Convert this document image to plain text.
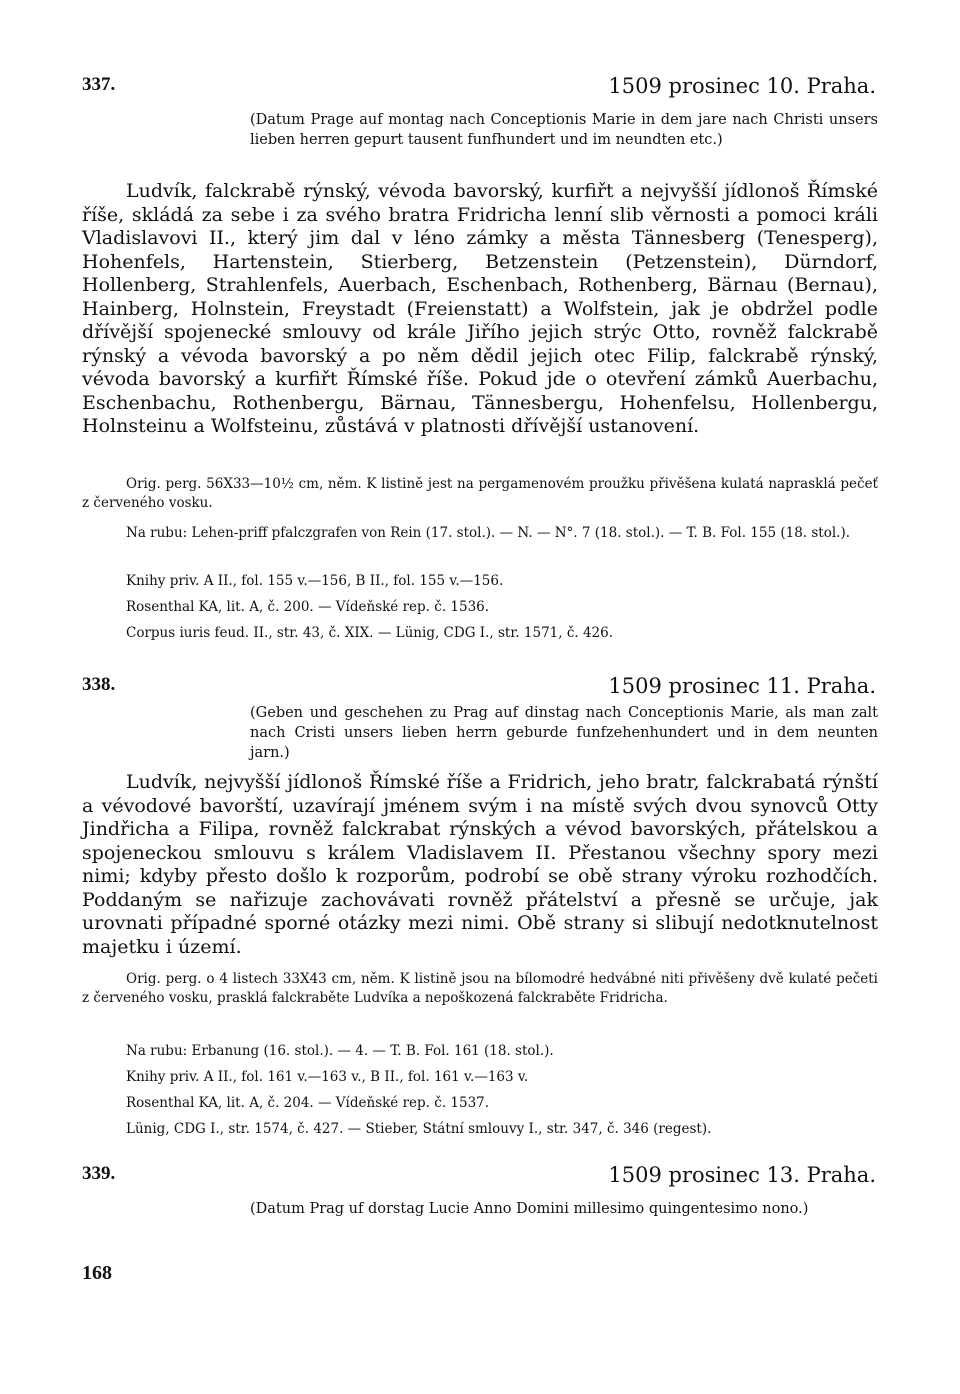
337.	1509 prosinec 10. Praha.
(Datum Prage auf montag nach Conceptionis Marie in dem jare nach Christi unsers lieben herren gepurt tausent funfhundert und im neundten etc.)

Ludvík, falckrabě rýnský, vévoda bavorský, kurfiřt a nejvyšší jídlonoš Římské říše, skládá za sebe i za svého bratra Fridricha lenní slib věrnosti a pomoci králi Vladislavovi II., který jim dal v léno zámky a města Tännesberg (Tenesperg), Hohenfels, Hartenstein, Stierberg, Betzenstein (Petzenstein), Dürndorf, Hollenberg, Strahlenfels, Auerbach, Eschenbach, Rothenberg, Bärnau (Bernau), Hainberg, Holnstein, Freystadt (Freienstatt) a Wolfstein, jak je obdržel podle dřívější spojenecké smlouvy od krále Jiřího jejich strýc Otto, rovněž falckrabě rýnský a vévoda bavorský a po něm dědil jejich otec Filip, falckrabě rýnský, vévoda bavorský a kurfiřt Římské říše. Pokud jde o otevření zámků Auerbachu, Eschenbachu, Rothenbergu, Bärnau, Tännesbergu, Hohenfelsu, Hollenbergu, Holnsteinu a Wolfsteinu, zůstává v platnosti dřívější ustanovení.

Orig. perg. 56X33—10½ cm, něm. K listině jest na pergamenovém proužku přivěšena kulatá naprasklá pečeť z červeného vosku.

Na rubu: Lehen-priff pfalczgrafen von Rein (17. stol.). — N. — N°. 7 (18. stol.). — T. B. Fol. 155 (18. stol.).
Knihy priv. A II., fol. 155 v.—156, B II., fol. 155 v.—156.
Rosenthal KA, lit. A, č. 200. — Vídeňské rep. č. 1536.
Corpus iuris feud. II., str. 43, č. XIX. — Lünig, CDG I., str. 1571, č. 426.
338.	1509 prosinec 11. Praha.
(Geben und geschehen zu Prag auf dinstag nach Conceptionis Marie, als man zalt nach Cristi unsers lieben herrn geburde funfzehenhundert und in dem neunten jarn.)

Ludvík, nejvyšší jídlonoš Římské říše a Fridrich, jeho bratr, falckrabatá rýnští a vévodové bavorští, uzavírají jménem svým i na místě svých dvou synovců Otty Jindřicha a Filipa, rovněž falckrabat rýnských a vévod bavorských, přátelskou a spojeneckou smlouvu s králem Vladislavem II. Přestanou všechny spory mezi nimi; kdyby přesto došlo k rozporům, podrobí se obě strany výroku rozhodčích. Poddaným se nařizuje zachovávati rovněž přátelství a přesně se určuje, jak urovnati případné sporné otázky mezi nimi. Obě strany si slibují nedotknutelnost majetku i území.

Orig. perg. o 4 listech 33X43 cm, něm. K listině jsou na bílomodré hedvábné niti přivěšeny dvě kulaté pečeti z červeného vosku, prasklá falckraběte Ludvíka a nepoškozená falckraběte Fridricha.

Na rubu: Erbanung (16. stol.). — 4. — T. B. Fol. 161 (18. stol.).
Knihy priv. A II., fol. 161 v.—163 v., B II., fol. 161 v.—163 v.
Rosenthal KA, lit. A, č. 204. — Vídeňské rep. č. 1537.
Lünig, CDG I., str. 1574, č. 427. — Stieber, Státní smlouvy I., str. 347, č. 346 (regest).
339.	1509 prosinec 13. Praha.
(Datum Prag uf dorstag Lucie Anno Domini millesimo quingentesimo nono.)
168
